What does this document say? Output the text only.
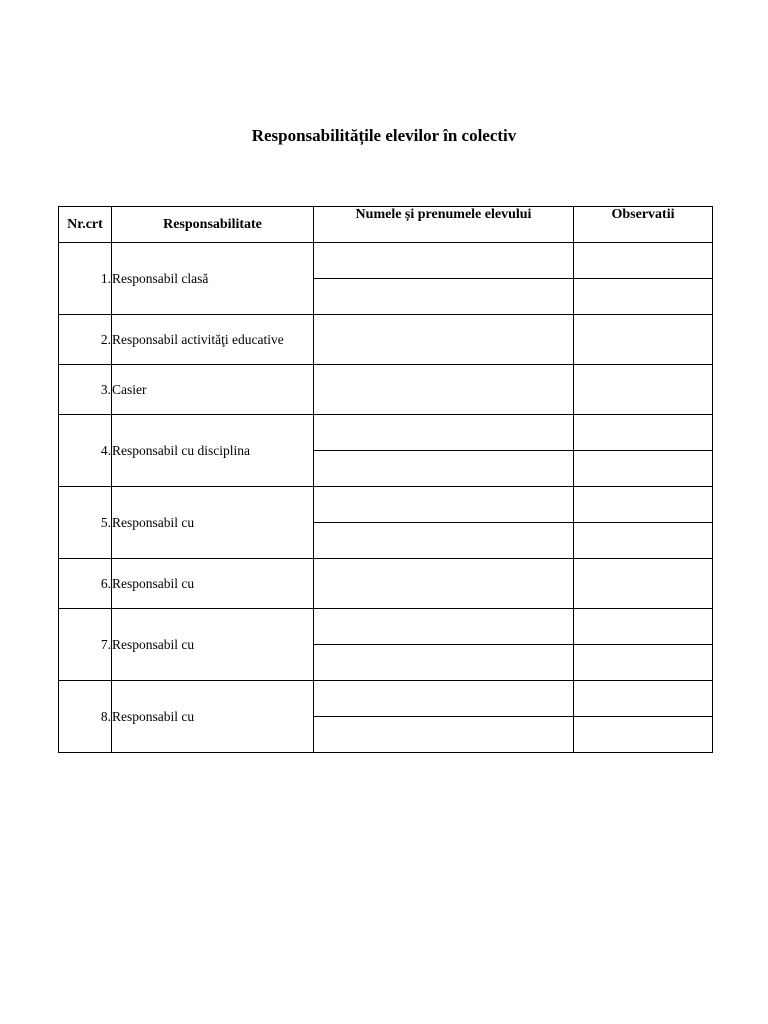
Responsabilitățile elevilor în colectiv
Nr.crt	Responsabilitate	Numele și prenumele elevului	Observatii
1.	Responsabil clasă		

2.	Responsabil activităţi educative		
3.	Casier		
4.	Responsabil cu disciplina		

5.	Responsabil cu		

6.	Responsabil cu		
7.	Responsabil cu		

8.	Responsabil cu		
